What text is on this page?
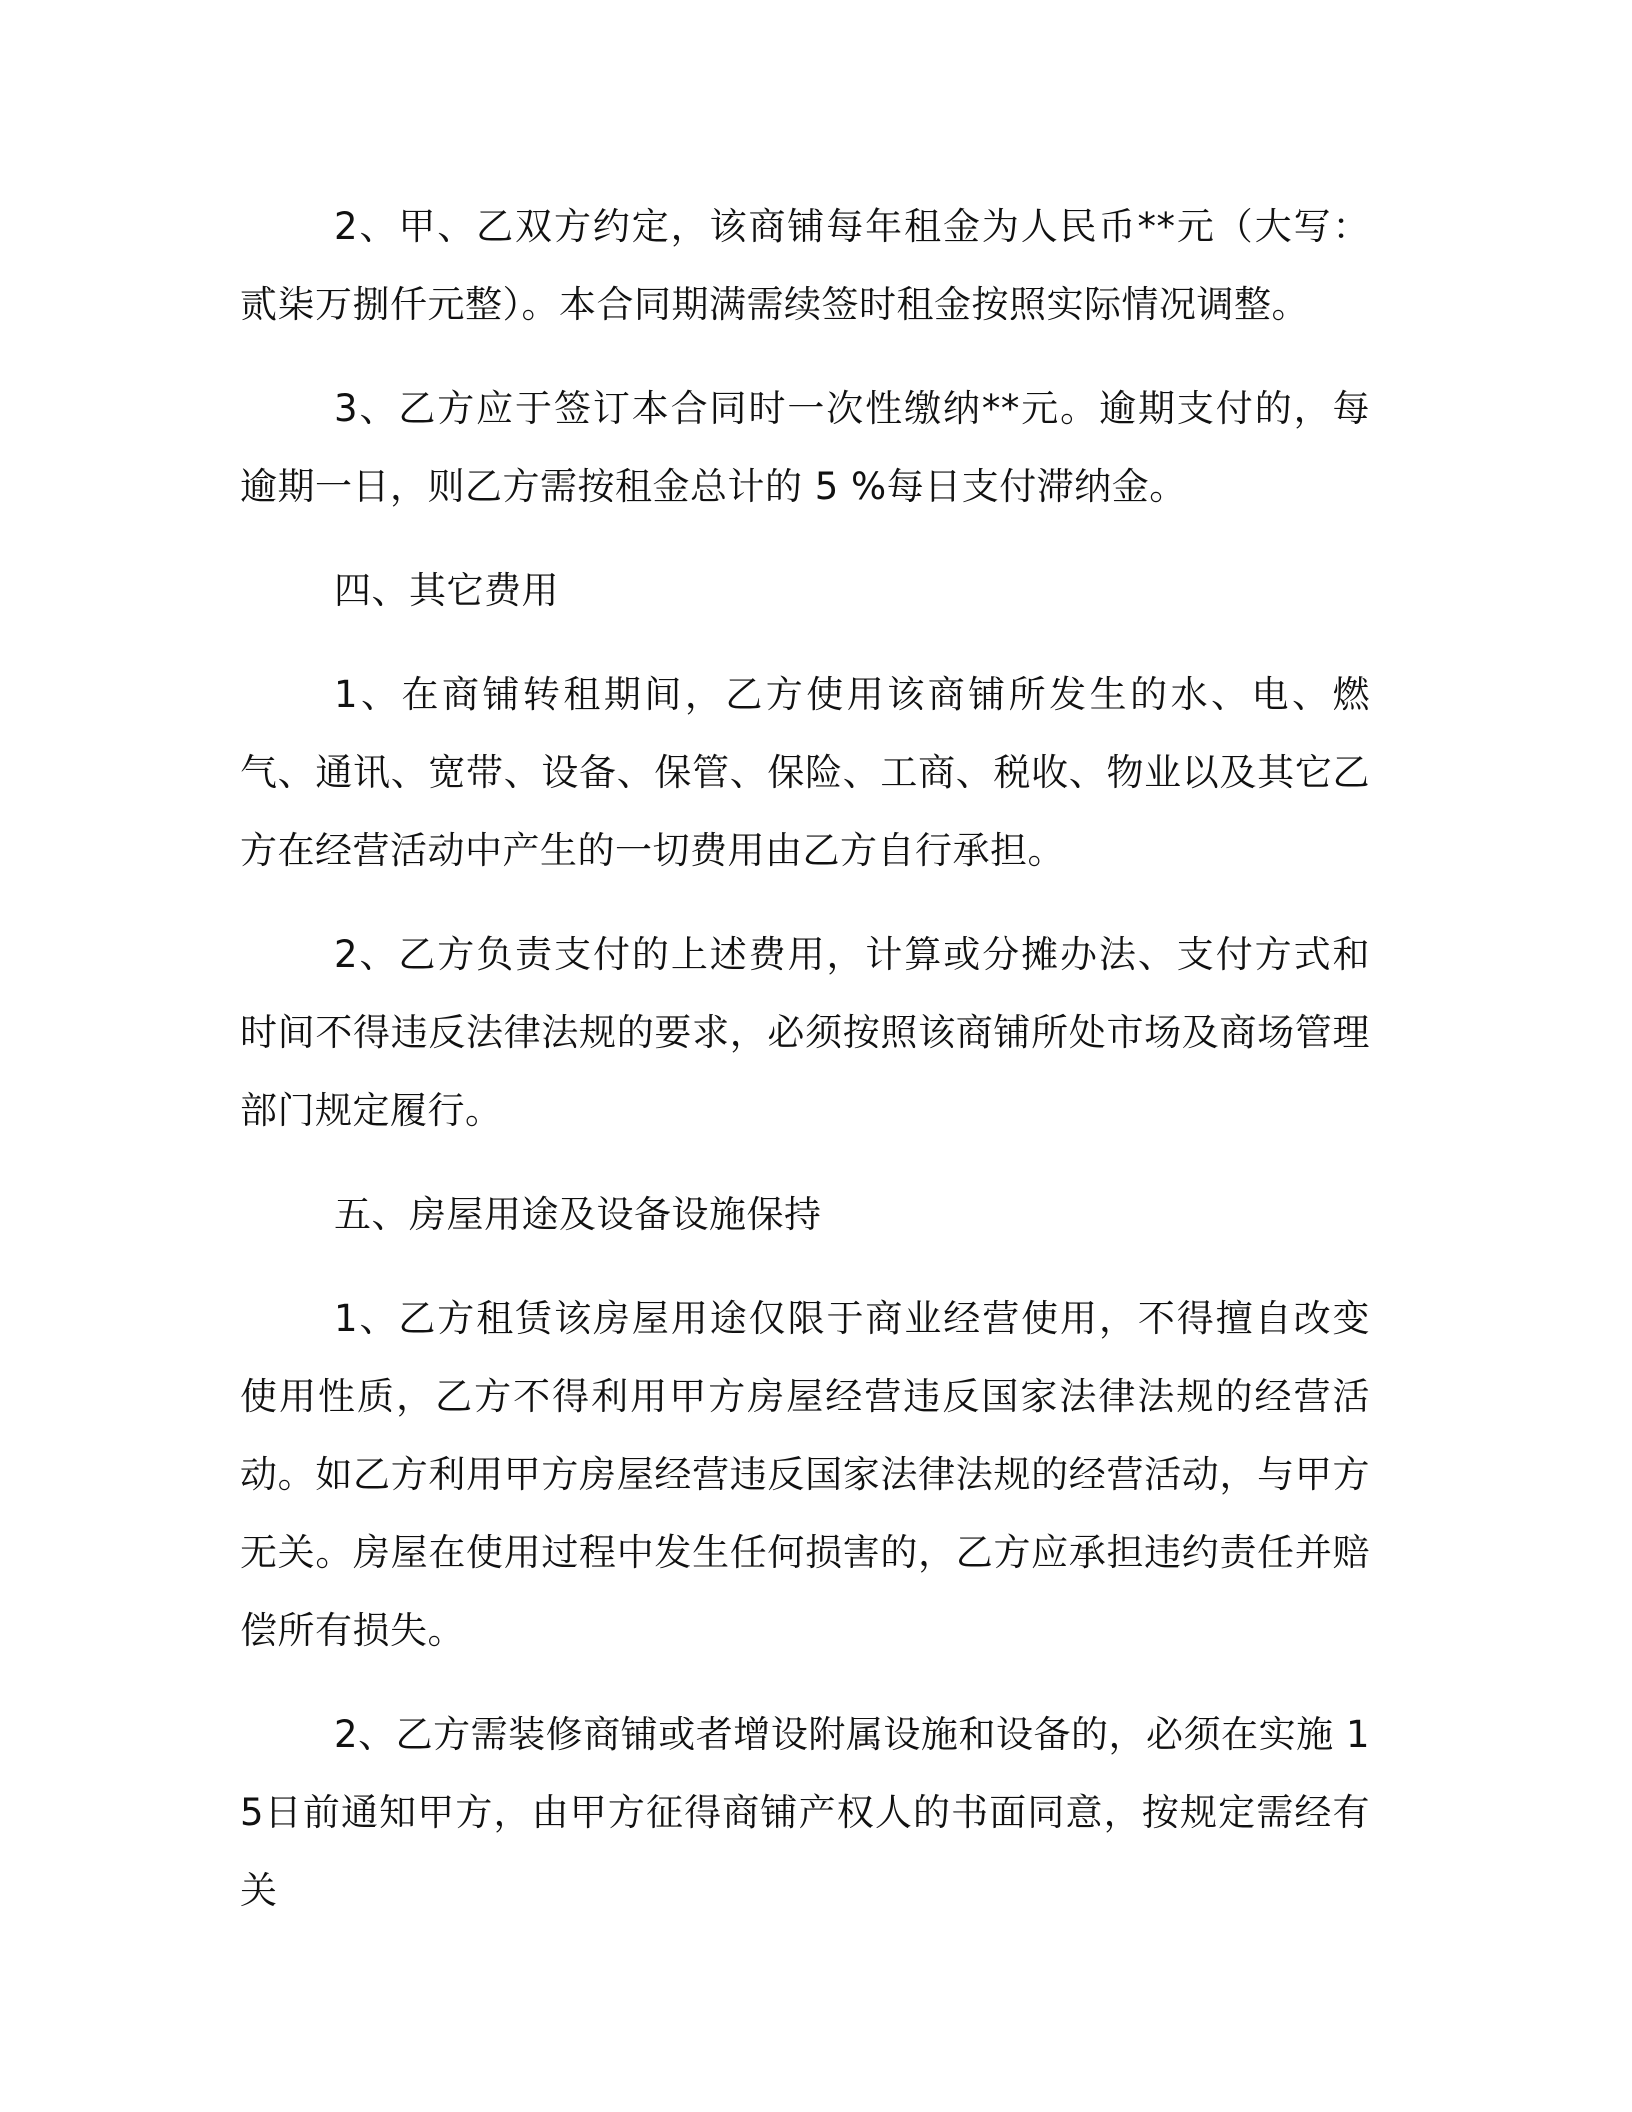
2、甲、乙双方约定，该商铺每年租金为人民币**元（大写：贰柒万捌仟元整）。本合同期满需续签时租金按照实际情况调整。

3、乙方应于签订本合同时一次性缴纳**元。逾期支付的，每逾期一日，则乙方需按租金总计的 5 %每日支付滞纳金。

四、其它费用

1、在商铺转租期间，乙方使用该商铺所发生的水、电、燃气、通讯、宽带、设备、保管、保险、工商、税收、物业以及其它乙方在经营活动中产生的一切费用由乙方自行承担。

2、乙方负责支付的上述费用，计算或分摊办法、支付方式和时间不得违反法律法规的要求，必须按照该商铺所处市场及商场管理部门规定履行。

五、房屋用途及设备设施保持

1、乙方租赁该房屋用途仅限于商业经营使用，不得擅自改变使用性质，乙方不得利用甲方房屋经营违反国家法律法规的经营活动。如乙方利用甲方房屋经营违反国家法律法规的经营活动，与甲方无关。房屋在使用过程中发生任何损害的，乙方应承担违约责任并赔偿所有损失。

2、乙方需装修商铺或者增设附属设施和设备的，必须在实施 15日前通知甲方，由甲方征得商铺产权人的书面同意，按规定需经有关
